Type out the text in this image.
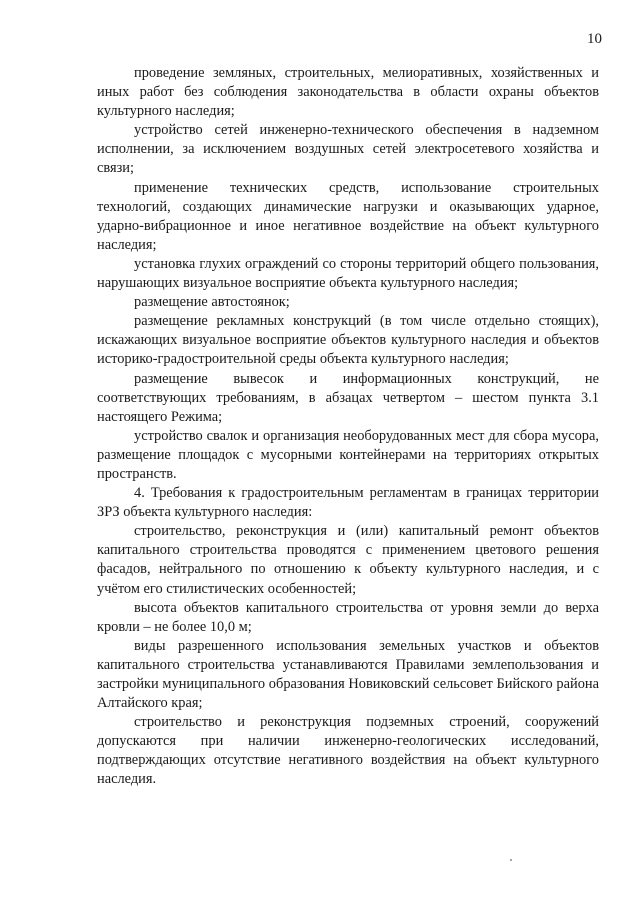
10

проведение земляных, строительных, мелиоративных, хозяйственных и иных работ без соблюдения законодательства в области охраны объектов культурного наследия;

устройство сетей инженерно-технического обеспечения в надземном исполнении, за исключением воздушных сетей электросетевого хозяйства и связи;

применение технических средств, использование строительных технологий, создающих динамические нагрузки и оказывающих ударное, ударно-вибрационное и иное негативное воздействие на объект культурного наследия;

установка глухих ограждений со стороны территорий общего пользования, нарушающих визуальное восприятие объекта культурного наследия;

размещение автостоянок;

размещение рекламных конструкций (в том числе отдельно стоящих), искажающих визуальное восприятие объектов культурного наследия и объектов историко-градостроительной среды объекта культурного наследия;

размещение вывесок и информационных конструкций, не соответствующих требованиям, в абзацах четвертом – шестом пункта 3.1 настоящего Режима;

устройство свалок и организация необорудованных мест для сбора мусора, размещение площадок с мусорными контейнерами на территориях открытых пространств.

4. Требования к градостроительным регламентам в границах территории ЗРЗ объекта культурного наследия:

строительство, реконструкция и (или) капитальный ремонт объектов капитального строительства проводятся с применением цветового решения фасадов, нейтрального по отношению к объекту культурного наследия, и с учётом его стилистических особенностей;

высота объектов капитального строительства от уровня земли до верха кровли – не более 10,0 м;

виды разрешенного использования земельных участков и объектов капитального строительства устанавливаются Правилами землепользования и застройки муниципального образования Новиковский сельсовет Бийского района Алтайского края;

строительство и реконструкция подземных строений, сооружений допускаются при наличии инженерно-геологических исследований, подтверждающих отсутствие негативного воздействия на объект культурного наследия.
